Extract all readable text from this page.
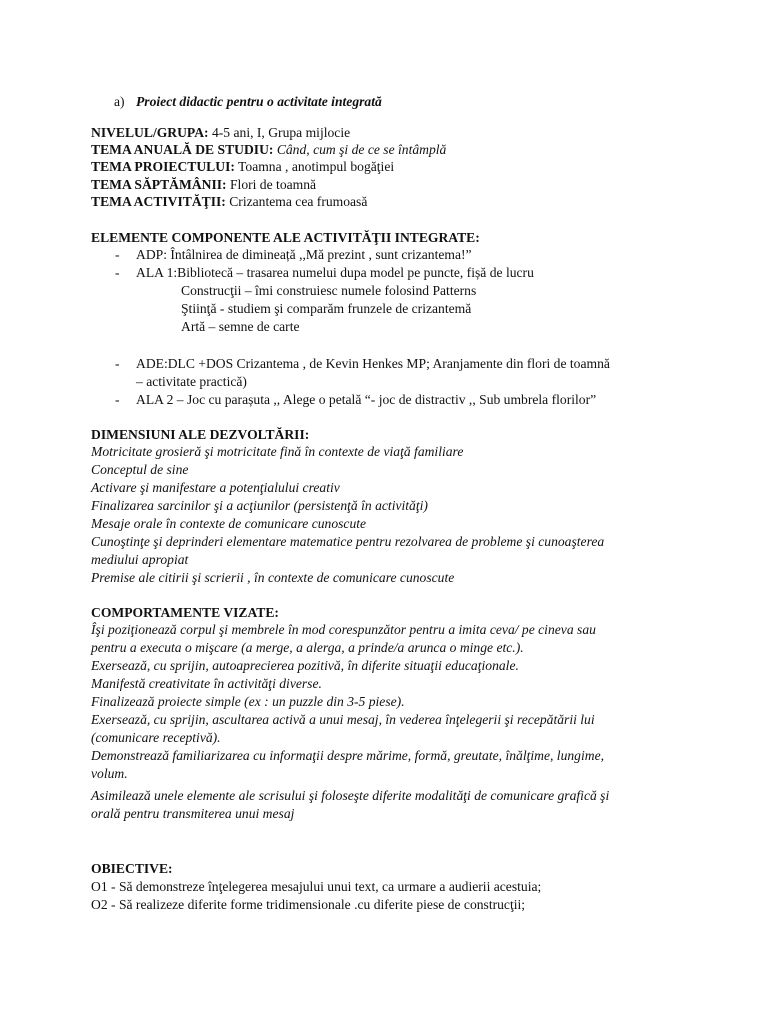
a) Proiect didactic pentru o activitate integrată
NIVELUL/GRUPA: 4-5 ani, I, Grupa mijlocie
TEMA ANUALĂ DE STUDIU: Când, cum şi de ce se întâmplă
TEMA PROIECTULUI: Toamna , anotimpul bogăţiei
TEMA SĂPTĂMÂNII: Flori de toamnă
TEMA ACTIVITĂŢII: Crizantema cea frumoasă
ELEMENTE COMPONENTE ALE ACTIVITĂŢII INTEGRATE:
- ADP: Întâlnirea de dimineață ,,Mă prezint , sunt crizantema!”
- ALA 1:Bibliotecă – trasarea numelui dupa model pe puncte, fișă de lucru
Construcţii – îmi construiesc numele folosind Patterns
Ştiinţă - studiem şi comparăm frunzele de crizantemă
Artă – semne de carte
- ADE:DLC +DOS Crizantema , de Kevin Henkes MP; Aranjamente din flori de toamnă
– activitate practică)
- ALA 2 – Joc cu parașuta ,, Alege o petală “- joc de distractiv ,, Sub umbrela florilor”
DIMENSIUNI ALE DEZVOLTĂRII:
Motricitate grosieră şi motricitate fină în contexte de viaţă familiare
Conceptul de sine
Activare şi manifestare a potenţialului creativ
Finalizarea sarcinilor şi a acţiunilor (persistenţă în activităţi)
Mesaje orale în contexte de comunicare cunoscute
Cunoştinţe şi deprinderi elementare matematice pentru rezolvarea de probleme şi cunoaşterea
mediului apropiat
Premise ale citirii şi scrierii , în contexte de comunicare cunoscute
COMPORTAMENTE VIZATE:
Îşi poziţionează corpul şi membrele în mod corespunzător pentru a imita ceva/ pe cineva sau
pentru a executa o mişcare (a merge, a alerga, a prinde/a arunca o minge etc.).
Exersează, cu sprijin, autoaprecierea pozitivă, în diferite situaţii educaţionale.
Manifestă creativitate în activităţi diverse.
Finalizează proiecte simple (ex : un puzzle din 3-5 piese).
Exersează, cu sprijin, ascultarea activă a unui mesaj, în vederea înţelegerii şi recepătării lui
(comunicare receptivă).
Demonstrează familiarizarea cu informaţii despre mărime, formă, greutate, înălţime, lungime,
volum.
Asimilează unele elemente ale scrisului şi foloseşte diferite modalităţi de comunicare grafică şi
orală pentru transmiterea unui mesaj
OBIECTIVE:
O1 - Să demonstreze înţelegerea mesajului unui text, ca urmare a audierii acestuia;
O2 - Să realizeze diferite forme tridimensionale .cu diferite piese de construcţii;
